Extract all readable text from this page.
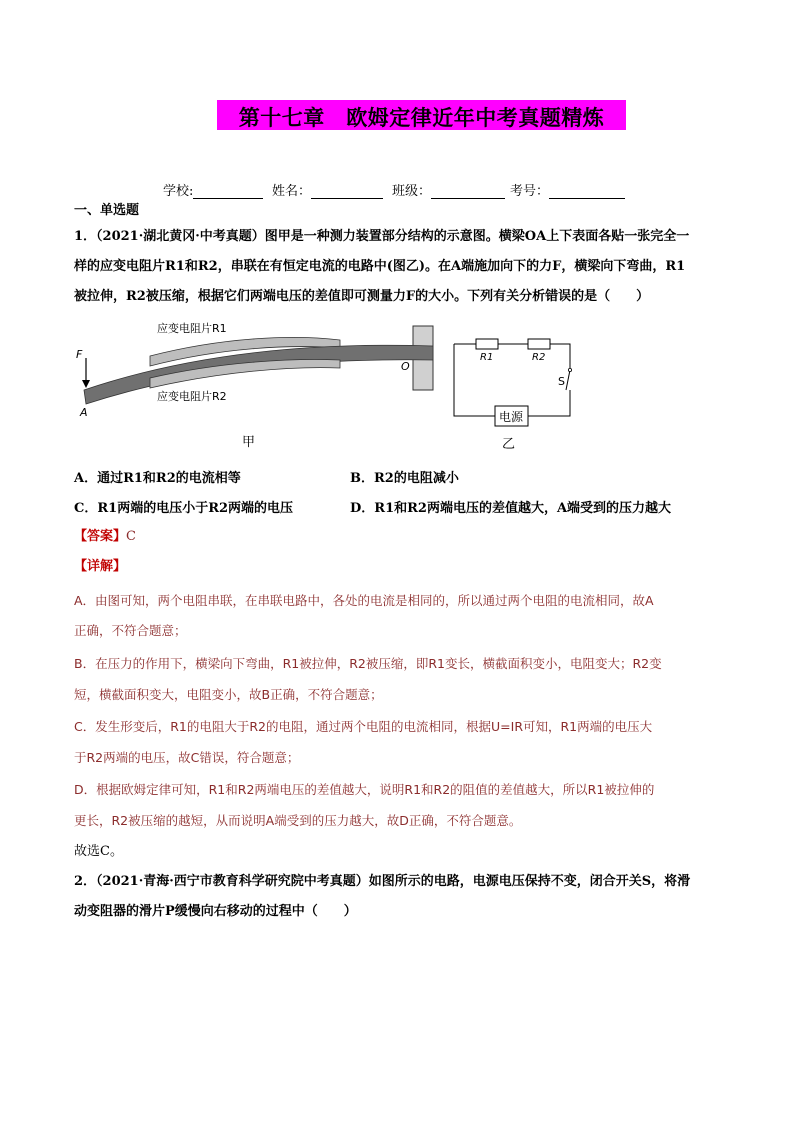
第十七章　欧姆定律近年中考真题精炼
学校:	姓名：	班级：	考号：
一、单选题
1．（2021·湖北黄冈·中考真题）图甲是一种测力装置部分结构的示意图。横梁OA上下表面各贴一张完全一
样的应变电阻片R1和R2，串联在有恒定电流的电路中(图乙)。在A端施加向下的力F，横梁向下弯曲，R1
被拉伸，R2被压缩，根据它们两端电压的差值即可测量力F的大小。下列有关分析错误的是（　　）
F
A
O
应变电阻片R1
应变电阻片R2
甲
R1	R2
S
电源
乙
A．通过R1和R2的电流相等	B．R2的电阻减小
C．R1两端的电压小于R2两端的电压	D．R1和R2两端电压的差值越大，A端受到的压力越大
【答案】C
【详解】
A．由图可知，两个电阻串联，在串联电路中，各处的电流是相同的，所以通过两个电阻的电流相同，故A
正确，不符合题意；
B．在压力的作用下，横梁向下弯曲，R1被拉伸，R2被压缩，即R1变长，横截面积变小，电阻变大；R2变
短，横截面积变大，电阻变小，故B正确，不符合题意；
C．发生形变后，R1的电阻大于R2的电阻，通过两个电阻的电流相同，根据U=IR可知，R1两端的电压大
于R2两端的电压，故C错误，符合题意；
D．根据欧姆定律可知，R1和R2两端电压的差值越大，说明R1和R2的阻值的差值越大，所以R1被拉伸的
更长，R2被压缩的越短，从而说明A端受到的压力越大，故D正确，不符合题意。
故选C。
2．（2021·青海·西宁市教育科学研究院中考真题）如图所示的电路，电源电压保持不变，闭合开关S，将滑
动变阻器的滑片P缓慢向右移动的过程中（　　）
